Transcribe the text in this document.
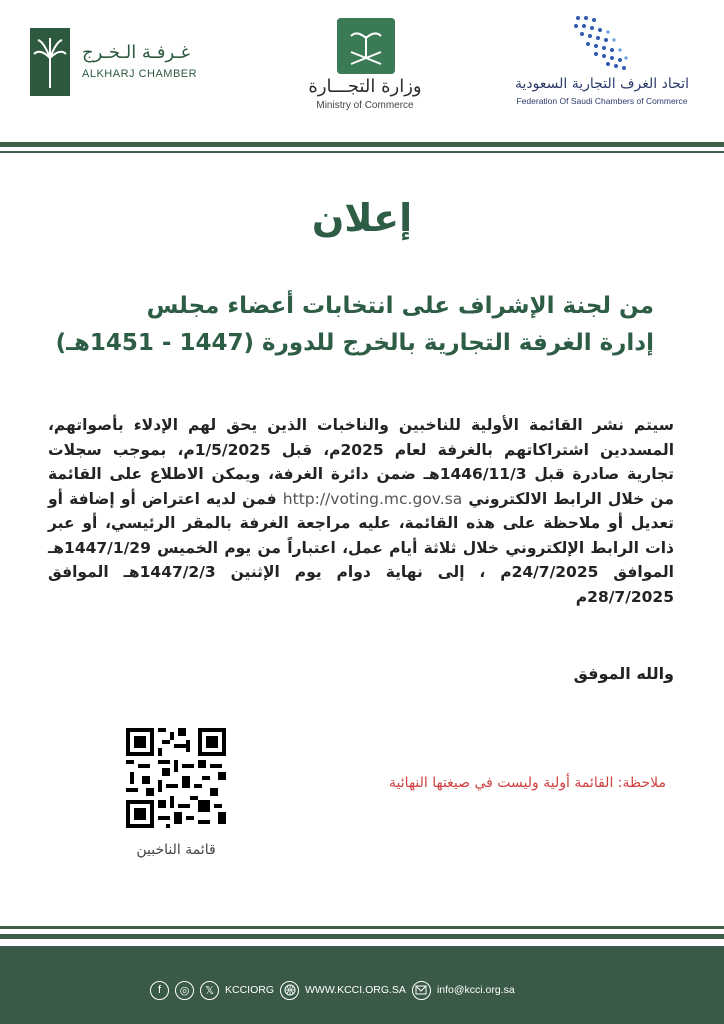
غـرفـة الـخـرج
ALKHARJ CHAMBER
وزارة التجـــارة
Ministry of Commerce
اتحاد الغرف التجارية السعودية
Federation Of Saudi Chambers of Commerce
إعلان
من لجنة الإشراف على انتخابات أعضاء مجلس
إدارة الغرفة التجارية بالخرج للدورة (1447 - 1451هـ)
سيتم نشر القائمة الأولية للناخبين والناخبات الذين يحق لهم الإدلاء بأصواتهم، المسددين اشتراكاتهم بالغرفة لعام 2025م، قبل 1/5/2025م، بموجب سجلات تجارية صادرة قبل 1446/11/3هـ ضمن دائرة الغرفة، ويمكن الاطلاع على القائمة من خلال الرابط الالكتروني http://voting.mc.gov.sa فمن لديه اعتراض أو إضافة أو تعديل أو ملاحظة على هذه القائمة، عليه مراجعة الغرفة بالمقر الرئيسي، أو عبر ذات الرابط الإلكتروني خلال ثلاثة أيام عمل، اعتباراً من يوم الخميس 1447/1/29هـ الموافق 24/7/2025م ، إلى نهاية دوام يوم الإثنين 1447/2/3هـ الموافق 28/7/2025م
والله الموفق
قائمة الناخبين
ملاحظة: القائمة أولية وليست في صيغتها النهائية
f	◎	𝕏	KCCIORG	WWW.KCCI.ORG.SA	info@kcci.org.sa
